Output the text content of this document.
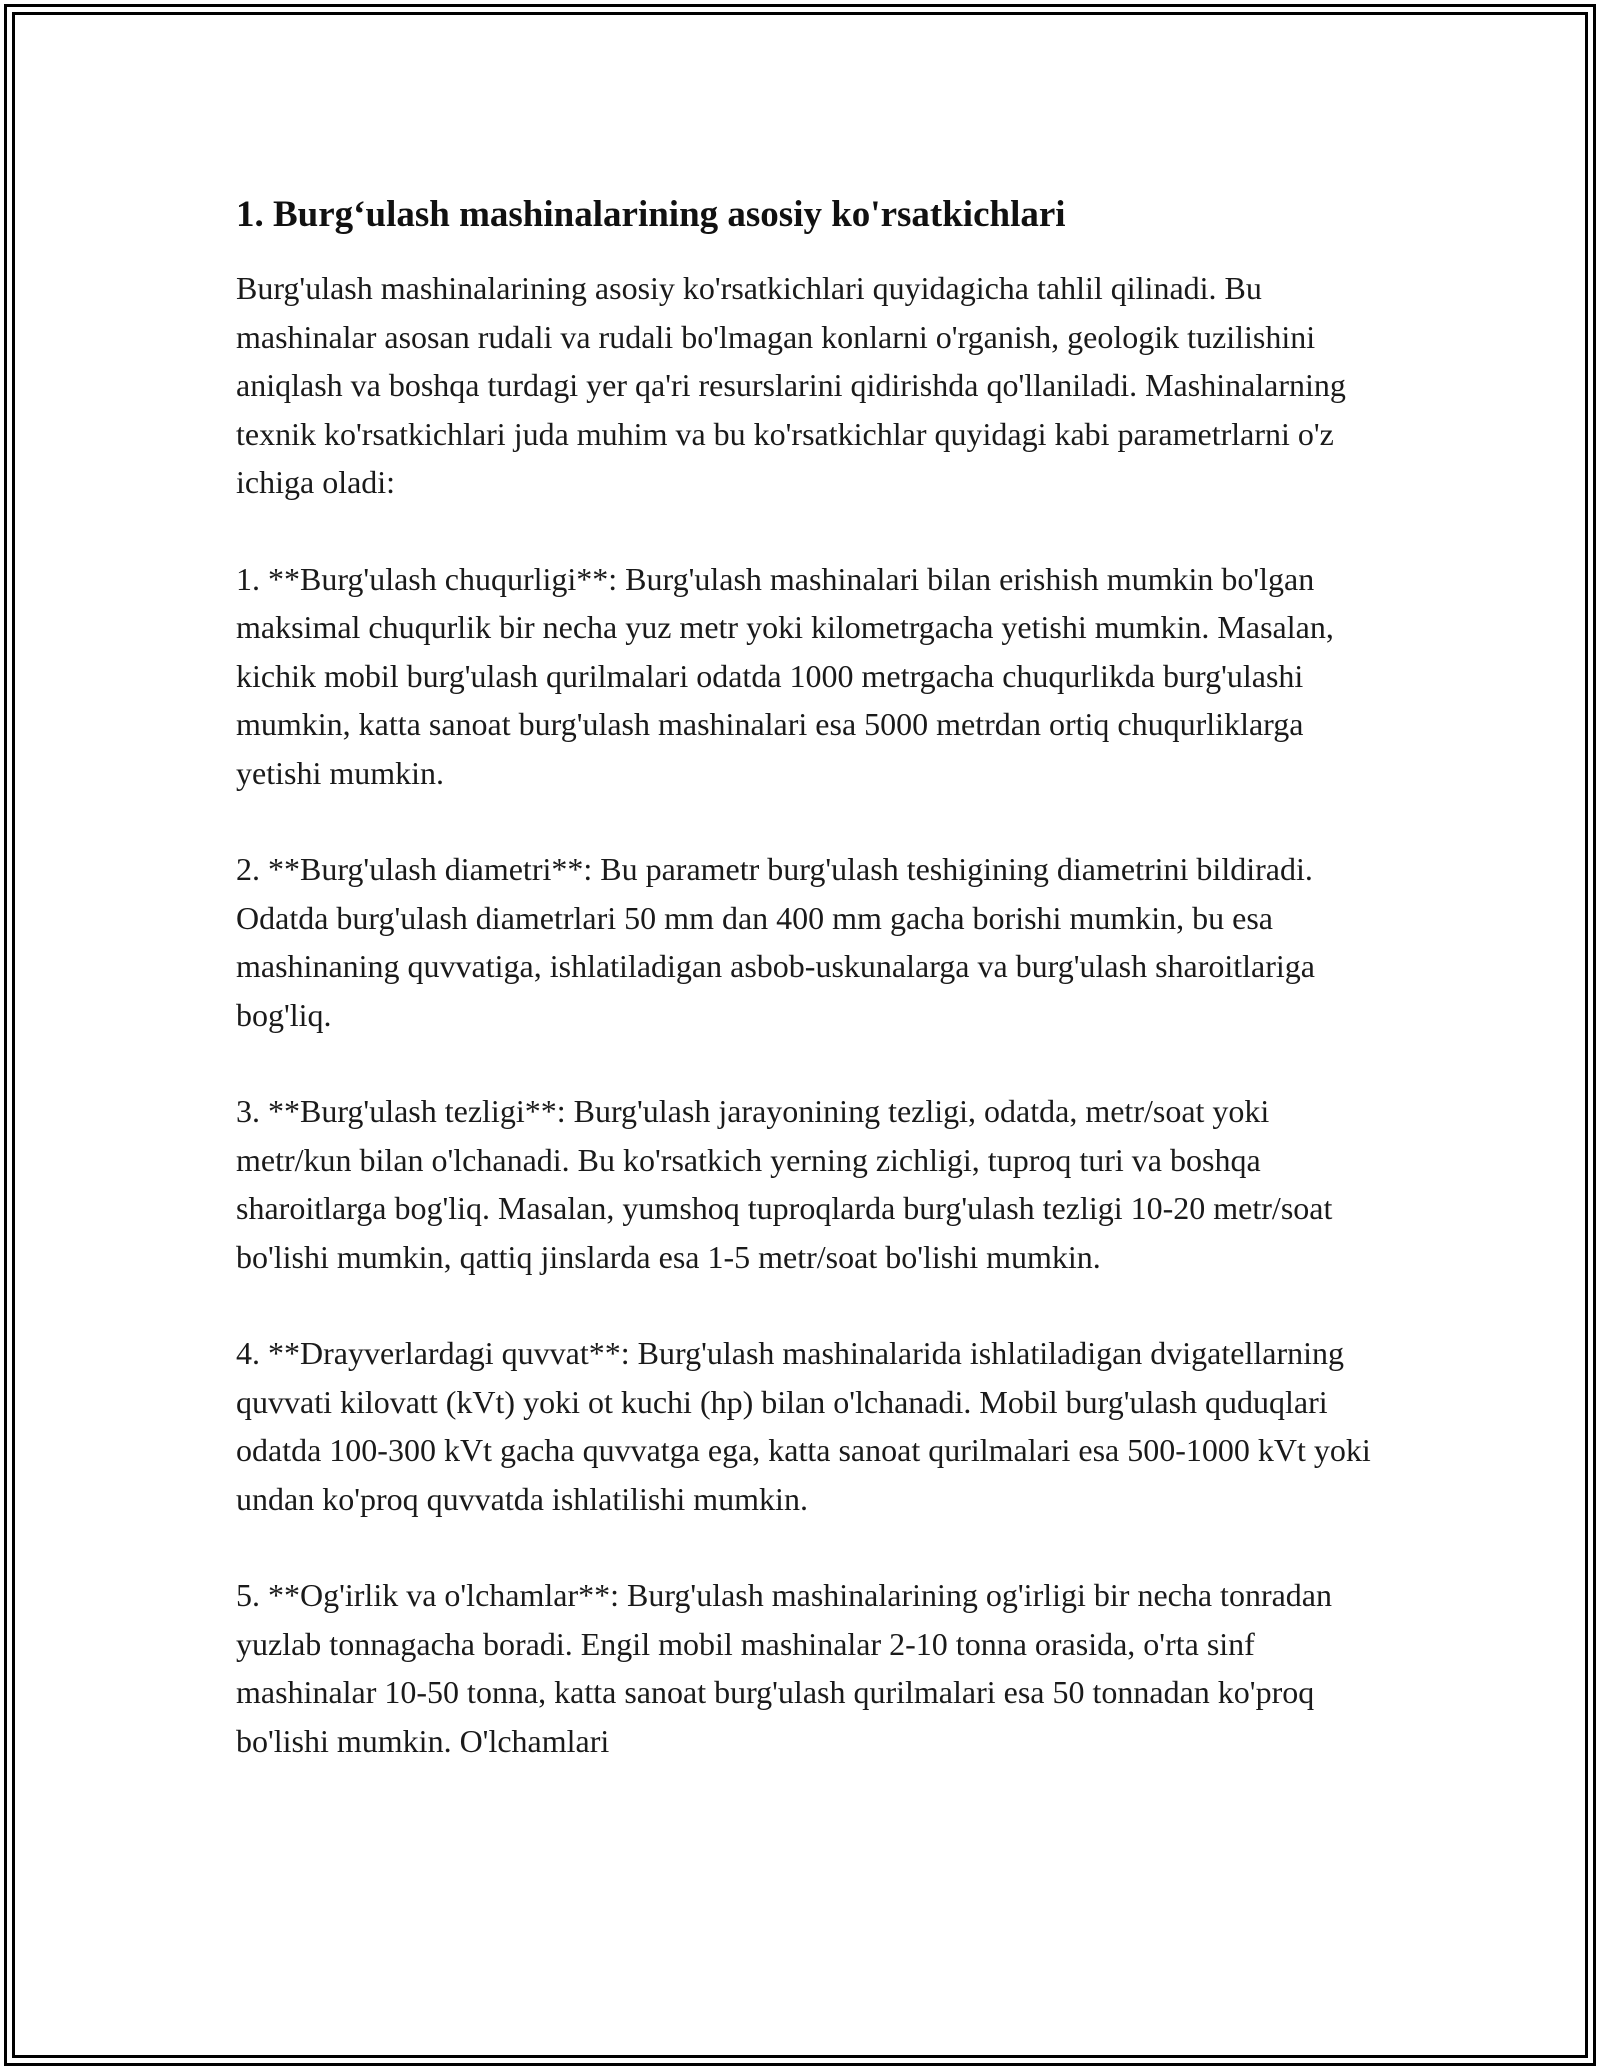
1. Burgʻulash mashinalarining asosiy ko'rsatkichlari

Burg'ulash mashinalarining asosiy ko'rsatkichlari quyidagicha tahlil qilinadi. Bu mashinalar asosan rudali va rudali bo'lmagan konlarni o'rganish, geologik tuzilishini aniqlash va boshqa turdagi yer qa'ri resurslarini qidirishda qo'llaniladi. Mashinalarning texnik ko'rsatkichlari juda muhim va bu ko'rsatkichlar quyidagi kabi parametrlarni o'z ichiga oladi:

1. **Burg'ulash chuqurligi**: Burg'ulash mashinalari bilan erishish mumkin bo'lgan maksimal chuqurlik bir necha yuz metr yoki kilometrgacha yetishi mumkin. Masalan, kichik mobil burg'ulash qurilmalari odatda 1000 metrgacha chuqurlikda burg'ulashi mumkin, katta sanoat burg'ulash mashinalari esa 5000 metrdan ortiq chuqurliklarga yetishi mumkin.

2. **Burg'ulash diametri**: Bu parametr burg'ulash teshigining diametrini bildiradi. Odatda burg'ulash diametrlari 50 mm dan 400 mm gacha borishi mumkin, bu esa mashinaning quvvatiga, ishlatiladigan asbob-uskunalarga va burg'ulash sharoitlariga bog'liq.

3. **Burg'ulash tezligi**: Burg'ulash jarayonining tezligi, odatda, metr/soat yoki metr/kun bilan o'lchanadi. Bu ko'rsatkich yerning zichligi, tuproq turi va boshqa sharoitlarga bog'liq. Masalan, yumshoq tuproqlarda burg'ulash tezligi 10-20 metr/soat bo'lishi mumkin, qattiq jinslarda esa 1-5 metr/soat bo'lishi mumkin.

4. **Drayverlardagi quvvat**: Burg'ulash mashinalarida ishlatiladigan dvigatellarning quvvati kilovatt (kVt) yoki ot kuchi (hp) bilan o'lchanadi. Mobil burg'ulash quduqlari odatda 100-300 kVt gacha quvvatga ega, katta sanoat qurilmalari esa 500-1000 kVt yoki undan ko'proq quvvatda ishlatilishi mumkin.

5. **Og'irlik va o'lchamlar**: Burg'ulash mashinalarining og'irligi bir necha tonradan yuzlab tonnagacha boradi. Engil mobil mashinalar 2-10 tonna orasida, o'rta sinf mashinalar 10-50 tonna, katta sanoat burg'ulash qurilmalari esa 50 tonnadan ko'proq bo'lishi mumkin. O'lchamlari
